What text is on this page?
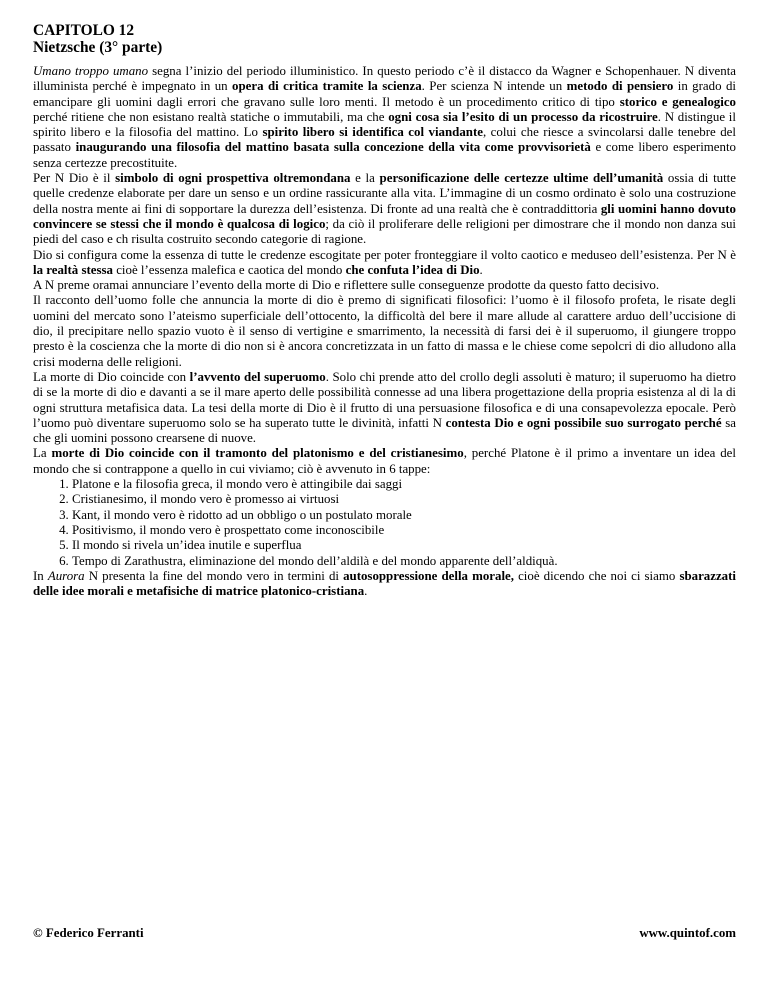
CAPITOLO 12
Nietzsche (3° parte)

Umano troppo umano segna l’inizio del periodo illuministico. In questo periodo c’è il distacco da Wagner e Schopenhauer. N diventa illuminista perché è impegnato in un opera di critica tramite la scienza. Per scienza N intende un metodo di pensiero in grado di emancipare gli uomini dagli errori che gravano sulle loro menti. Il metodo è un procedimento critico di tipo storico e genealogico perché ritiene che non esistano realtà statiche o immutabili, ma che ogni cosa sia l’esito di un processo da ricostruire. N distingue il spirito libero e la filosofia del mattino. Lo spirito libero si identifica col viandante, colui che riesce a svincolarsi dalle tenebre del passato inaugurando una filosofia del mattino basata sulla concezione della vita come provvisorietà e come libero esperimento senza certezze precostituite.

Per N Dio è il simbolo di ogni prospettiva oltremondana e la personificazione delle certezze ultime dell’umanità ossia di tutte quelle credenze elaborate per dare un senso e un ordine rassicurante alla vita. L’immagine di un cosmo ordinato è solo una costruzione della nostra mente ai fini di sopportare la durezza dell’esistenza. Di fronte ad una realtà che è contraddittoria gli uomini hanno dovuto convincere se stessi che il mondo è qualcosa di logico; da ciò il proliferare delle religioni per dimostrare che il mondo non danza sui piedi del caso e ch risulta costruito secondo categorie di ragione.

Dio si configura come la essenza di tutte le credenze escogitate per poter fronteggiare il volto caotico e meduseo dell’esistenza. Per N è la realtà stessa cioè l’essenza malefica e caotica del mondo che confuta l’idea di Dio.

A N preme oramai annunciare l’evento della morte di Dio e riflettere sulle conseguenze prodotte da questo fatto decisivo.

Il racconto dell’uomo folle che annuncia la morte di dio è premo di significati filosofici: l’uomo è il filosofo profeta, le risate degli uomini del mercato sono l’ateismo superficiale dell’ottocento, la difficoltà del bere il mare allude al carattere arduo dell’uccisione di dio, il precipitare nello spazio vuoto è il senso di vertigine e smarrimento, la necessità di farsi dei è il superuomo, il giungere troppo presto è la coscienza che la morte di dio non si è ancora concretizzata in un fatto di massa e le chiese come sepolcri di dio alludono alla crisi moderna delle religioni.

La morte di Dio coincide con l’avvento del superuomo. Solo chi prende atto del crollo degli assoluti è maturo; il superuomo ha dietro di se la morte di dio e davanti a se il mare aperto delle possibilità connesse ad una libera progettazione della propria esistenza al di la di ogni struttura metafisica data. La tesi della morte di Dio è il frutto di una persuasione filosofica e di una consapevolezza epocale. Però l’uomo può diventare superuomo solo se ha superato tutte le divinità, infatti N contesta Dio e ogni possibile suo surrogato perché sa che gli uomini possono crearsene di nuove.

La morte di Dio coincide con il tramonto del platonismo e del cristianesimo, perché Platone è il primo a inventare un idea del mondo che si contrappone a quello in cui viviamo; ciò è avvenuto in 6 tappe:

1. Platone e la filosofia greca, il mondo vero è attingibile dai saggi
2. Cristianesimo, il mondo vero è promesso ai virtuosi
3. Kant, il mondo vero è ridotto ad un obbligo o un postulato morale
4. Positivismo, il mondo vero è prospettato come inconoscibile
5. Il mondo si rivela un’idea inutile e superflua
6. Tempo di Zarathustra, eliminazione del mondo dell’aldilà e del mondo apparente dell’aldiquà.

In Aurora N presenta la fine del mondo vero in termini di autosoppressione della morale, cioè dicendo che noi ci siamo sbarazzati delle idee morali e metafisiche di matrice platonico-cristiana.

© Federico Ferranti	www.quintof.com
